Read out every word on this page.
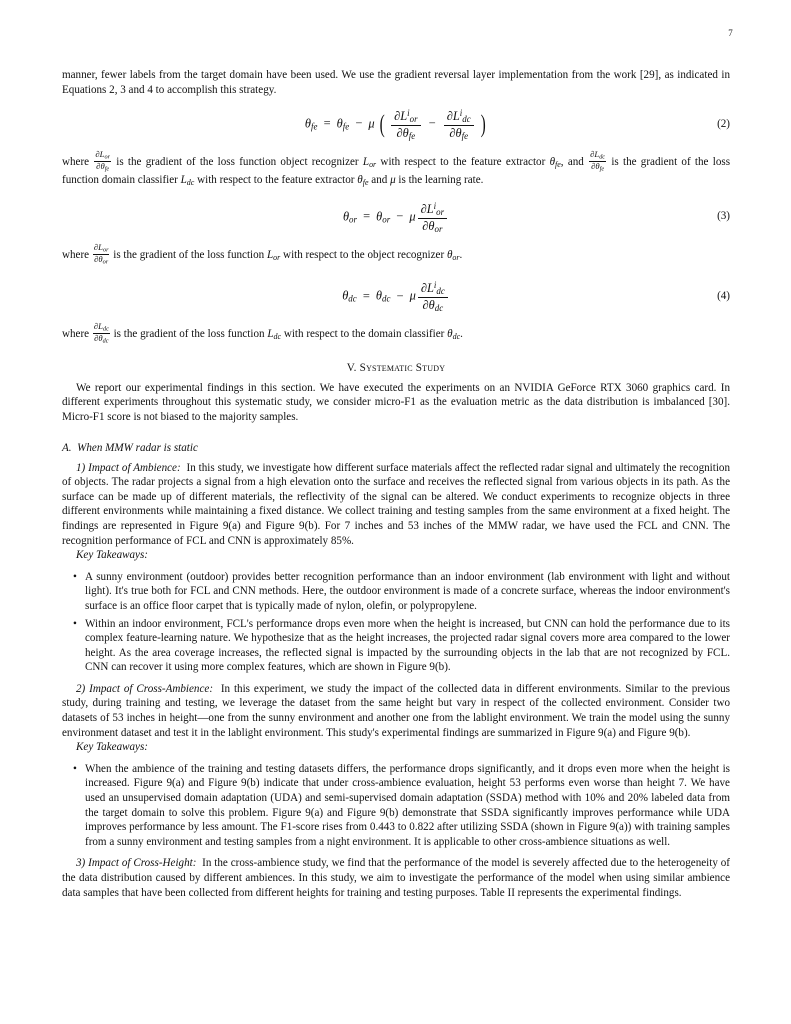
7

manner, fewer labels from the target domain have been used. We use the gradient reversal layer implementation from the work [29], as indicated in Equations 2, 3 and 4 to accomplish this strategy.

θfe = θfe − μ ( $\frac{\partial L^ior}{\text{∂θfe}} - \frac{\partial L^idc}{\text{∂θfe}}$ )	(2)

where $\frac{\text{∂Lor}}{\text{∂θfe}}$ is the gradient of the loss function object recognizer Lor with respect to the feature extractor θfe, and $\frac{\text{∂Ldc}}{\text{∂θfe}}$ is the gradient of the loss function domain classifier Ldc with respect to the feature extractor θfe and μ is the learning rate.

θor = θor − μ $\frac{\partial L^ior}{\text{∂θor}}$	(3)

where $\frac{\text{∂Lor}}{\text{∂θor}}$ is the gradient of the loss function Lor with respect to the object recognizer θor.

θdc = θdc − μ $\frac{\partial L^idc}{\text{∂θdc}}$	(4)

where $\frac{\text{∂Ldc}}{\text{∂θdc}}$ is the gradient of the loss function Ldc with respect to the domain classifier θdc.

V. Systematic Study

We report our experimental findings in this section. We have executed the experiments on an NVIDIA GeForce RTX 3060 graphics card. In different experiments throughout this systematic study, we consider micro-F1 as the evaluation metric as the data distribution is imbalanced [30]. Micro-F1 score is not biased to the majority samples.

A. When MMW radar is static

1) Impact of Ambience: In this study, we investigate how different surface materials affect the reflected radar signal and ultimately the recognition of objects. The radar projects a signal from a high elevation onto the surface and receives the reflected signal from various objects in its path. As the surface can be made up of different materials, the reflectivity of the signal can be altered. We conduct experiments to recognize objects in three different environments while maintaining a fixed distance. We collect training and testing samples from the same environment at a fixed height. The findings are represented in Figure 9(a) and Figure 9(b). For 7 inches and 53 inches of the MMW radar, we have used the FCL and CNN. The recognition performance of FCL and CNN is approximately 85%.

Key Takeaways:

• A sunny environment (outdoor) provides better recognition performance than an indoor environment (lab environment with light and without light). It's true both for FCL and CNN methods. Here, the outdoor environment is made of a concrete surface, whereas the indoor environment's surface is an office floor carpet that is typically made of nylon, olefin, or polypropylene.
• Within an indoor environment, FCL's performance drops even more when the height is increased, but CNN can hold the performance due to its complex feature-learning nature. We hypothesize that as the height increases, the projected radar signal covers more area compared to the lower height. As the area coverage increases, the reflected signal is impacted by the surrounding objects in the lab that are not recognized by FCL. CNN can recover it using more complex features, which are shown in Figure 9(b).

2) Impact of Cross-Ambience: In this experiment, we study the impact of the collected data in different environments. Similar to the previous study, during training and testing, we leverage the dataset from the same height but vary in respect of the collected environment. Consider two datasets of 53 inches in height—one from the sunny environment and another one from the lablight environment. We train the model using the sunny environment dataset and test it in the lablight environment. This study's experimental findings are summarized in Figure 9(a) and Figure 9(b).

Key Takeaways:

• When the ambience of the training and testing datasets differs, the performance drops significantly, and it drops even more when the height is increased. Figure 9(a) and Figure 9(b) indicate that under cross-ambience evaluation, height 53 performs even worse than height 7. We have used an unsupervised domain adaptation (UDA) and semi-supervised domain adaptation (SSDA) method with 10% and 20% labeled data from the target domain to solve this problem. Figure 9(a) and Figure 9(b) demonstrate that SSDA significantly improves performance while UDA improves performance by less amount. The F1-score rises from 0.443 to 0.822 after utilizing SSDA (shown in Figure 9(a)) with training samples from a sunny environment and testing samples from a night environment. It is applicable to other cross-ambience situations as well.

3) Impact of Cross-Height: In the cross-ambience study, we find that the performance of the model is severely affected due to the heterogeneity of the data distribution caused by different ambiences. In this study, we aim to investigate the performance of the model when using similar ambience data samples that have been collected from different heights for training and testing purposes. Table II represents the experimental findings.
